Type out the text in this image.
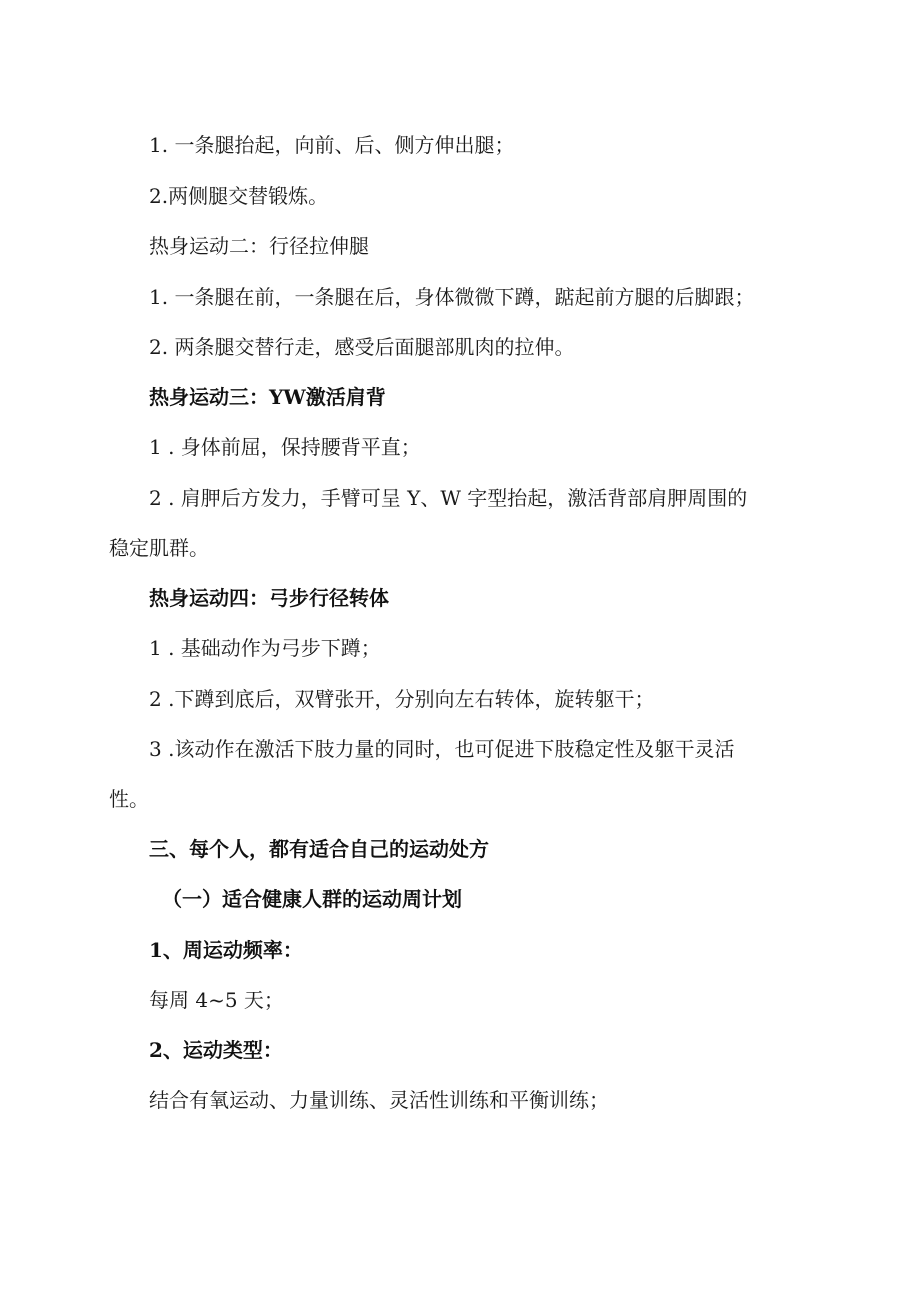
1. 一条腿抬起，向前、后、侧方伸出腿；

2.两侧腿交替锻炼。

热身运动二：行径拉伸腿

1. 一条腿在前，一条腿在后，身体微微下蹲，踮起前方腿的后脚跟；

2. 两条腿交替行走，感受后面腿部肌肉的拉伸。

热身运动三：YW激活肩背

1 . 身体前屈，保持腰背平直；

2 . 肩胛后方发力，手臂可呈 Y、W 字型抬起，激活背部肩胛周围的

稳定肌群。

热身运动四：弓步行径转体

1 . 基础动作为弓步下蹲；

2 .下蹲到底后，双臂张开，分别向左右转体，旋转躯干；

3 .该动作在激活下肢力量的同时，也可促进下肢稳定性及躯干灵活

性。

三、每个人，都有适合自己的运动处方

（一）适合健康人群的运动周计划

1、周运动频率：

每周 4~5 天；

2、运动类型：

结合有氧运动、力量训练、灵活性训练和平衡训练；
